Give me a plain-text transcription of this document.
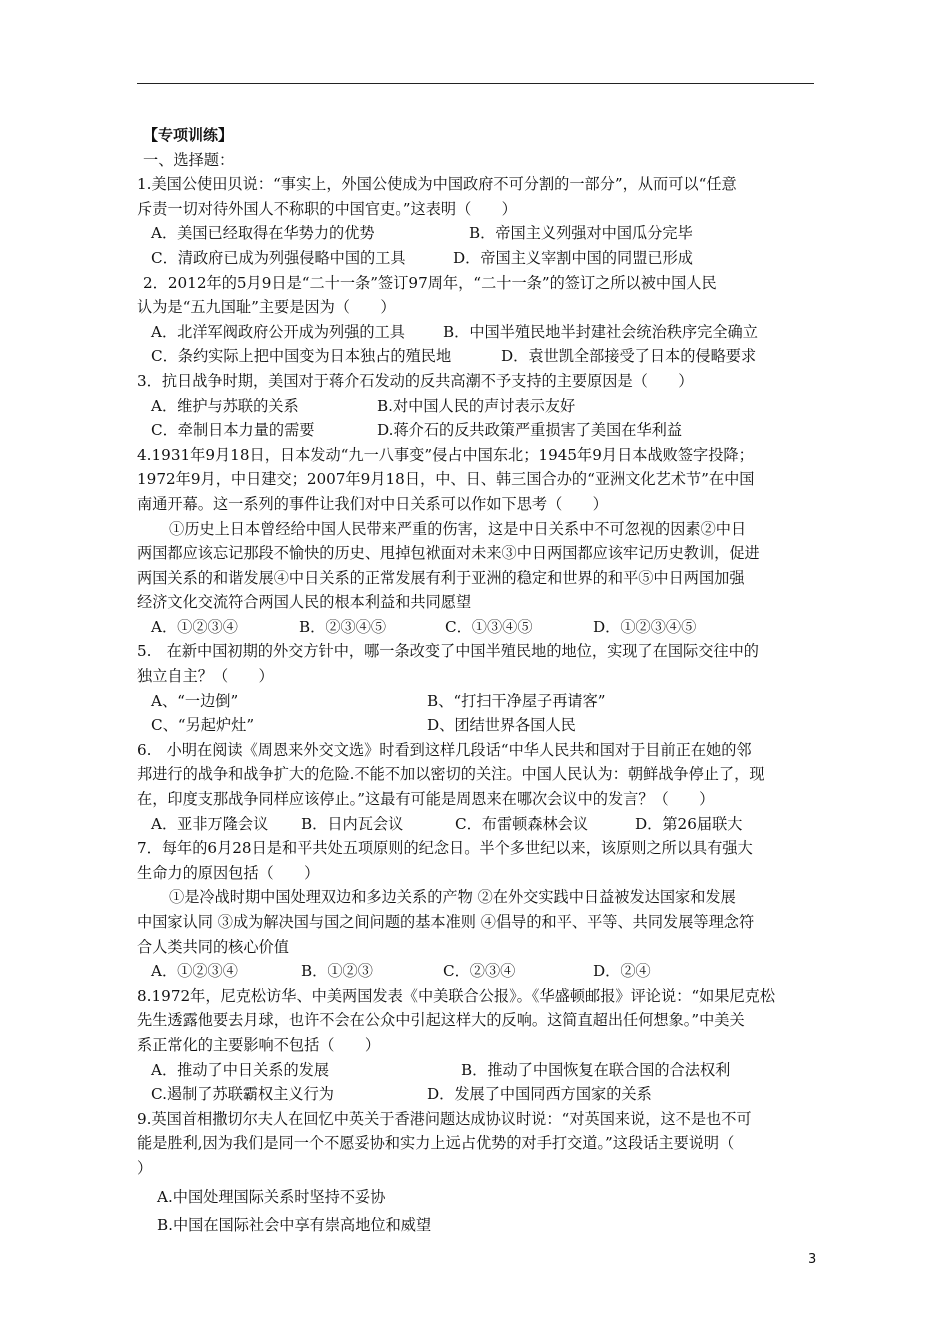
【专项训练】
一、选择题：
1.美国公使田贝说：“事实上，外国公使成为中国政府不可分割的一部分”，从而可以“任意
斥责一切对待外国人不称职的中国官吏。”这表明（　　）
A．美国已经取得在华势力的优势	B．帝国主义列强对中国瓜分完毕
C．清政府已成为列强侵略中国的工具	D．帝国主义宰割中国的同盟已形成
2．2012年的5月9日是“二十一条”签订97周年，“二十一条”的签订之所以被中国人民
认为是“五九国耻”主要是因为（　　）
A．北洋军阀政府公开成为列强的工具	B．中国半殖民地半封建社会统治秩序完全确立
C．条约实际上把中国变为日本独占的殖民地	D．袁世凯全部接受了日本的侵略要求
3．抗日战争时期，美国对于蒋介石发动的反共高潮不予支持的主要原因是（　　）
A．维护与苏联的关系	B.对中国人民的声讨表示友好
C．牵制日本力量的需要	D.蒋介石的反共政策严重损害了美国在华利益
4.1931年9月18日，日本发动“九一八事变”侵占中国东北；1945年9月日本战败签字投降；
1972年9月，中日建交；2007年9月18日，中、日、韩三国合办的“亚洲文化艺术节”在中国
南通开幕。这一系列的事件让我们对中日关系可以作如下思考（　　）
①历史上日本曾经给中国人民带来严重的伤害，这是中日关系中不可忽视的因素②中日
两国都应该忘记那段不愉快的历史、甩掉包袱面对未来③中日两国都应该牢记历史教训，促进
两国关系的和谐发展④中日关系的正常发展有利于亚洲的稳定和世界的和平⑤中日两国加强
经济文化交流符合两国人民的根本利益和共同愿望
A．①②③④	B．②③④⑤	C．①③④⑤	D．①②③④⑤
5.　在新中国初期的外交方针中，哪一条改变了中国半殖民地的地位，实现了在国际交往中的
独立自主？（　　）
A、“一边倒”	B、“打扫干净屋子再请客”
C、“另起炉灶”	D、团结世界各国人民
6.　小明在阅读《周恩来外交文选》时看到这样几段话“中华人民共和国对于目前正在她的邻
邦进行的战争和战争扩大的危险.不能不加以密切的关注。中国人民认为：朝鲜战争停止了，现
在，印度支那战争同样应该停止。”这最有可能是周恩来在哪次会议中的发言？（　　）
A．亚非万隆会议	B．日内瓦会议	C．布雷顿森林会议	D．第26届联大
7．每年的6月28日是和平共处五项原则的纪念日。半个多世纪以来，该原则之所以具有强大
生命力的原因包括（　　）
①是冷战时期中国处理双边和多边关系的产物 ②在外交实践中日益被发达国家和发展
中国家认同 ③成为解决国与国之间问题的基本准则 ④倡导的和平、平等、共同发展等理念符
合人类共同的核心价值
A．①②③④	B．①②③	C．②③④	D．②④
8.1972年，尼克松访华、中美两国发表《中美联合公报》。《华盛顿邮报》评论说：“如果尼克松
先生透露他要去月球，也许不会在公众中引起这样大的反响。这简直超出任何想象。”中美关
系正常化的主要影响不包括（　　）
A．推动了中日关系的发展	B．推动了中国恢复在联合国的合法权利
C.遏制了苏联霸权主义行为	D．发展了中国同西方国家的关系
9.英国首相撒切尔夫人在回忆中英关于香港问题达成协议时说：“对英国来说，这不是也不可
能是胜利,因为我们是同一个不愿妥协和实力上远占优势的对手打交道。”这段话主要说明（
）
A.中国处理国际关系时坚持不妥协
B.中国在国际社会中享有崇高地位和威望
3
